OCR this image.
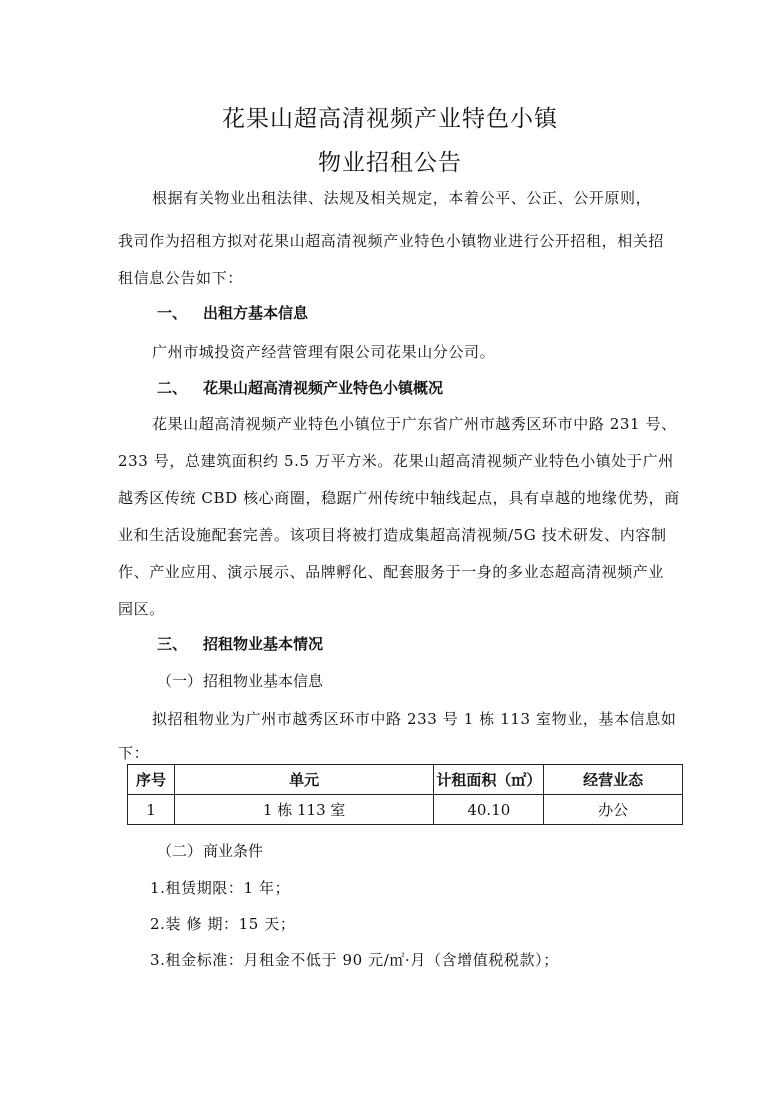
花果山超高清视频产业特色小镇
物业招租公告
根据有关物业出租法律、法规及相关规定，本着公平、公正、公开原则，
我司作为招租方拟对花果山超高清视频产业特色小镇物业进行公开招租，相关招
租信息公告如下：
一、 出租方基本信息
广州市城投资产经营管理有限公司花果山分公司。
二、 花果山超高清视频产业特色小镇概况
花果山超高清视频产业特色小镇位于广东省广州市越秀区环市中路 231 号、
233 号，总建筑面积约 5.5 万平方米。花果山超高清视频产业特色小镇处于广州
越秀区传统 CBD 核心商圈，稳踞广州传统中轴线起点，具有卓越的地缘优势，商
业和生活设施配套完善。该项目将被打造成集超高清视频/5G 技术研发、内容制
作、产业应用、演示展示、品牌孵化、配套服务于一身的多业态超高清视频产业
园区。
三、 招租物业基本情况
（一）招租物业基本信息
拟招租物业为广州市越秀区环市中路 233 号 1 栋 113 室物业，基本信息如
下：
序号	单元	计租面积（㎡）	经营业态
1	1 栋 113 室	40.10	办公
（二）商业条件
1.租赁期限：1 年；
2.装 修 期：15 天；
3.租金标准：月租金不低于 90 元/㎡·月（含增值税税款）；
